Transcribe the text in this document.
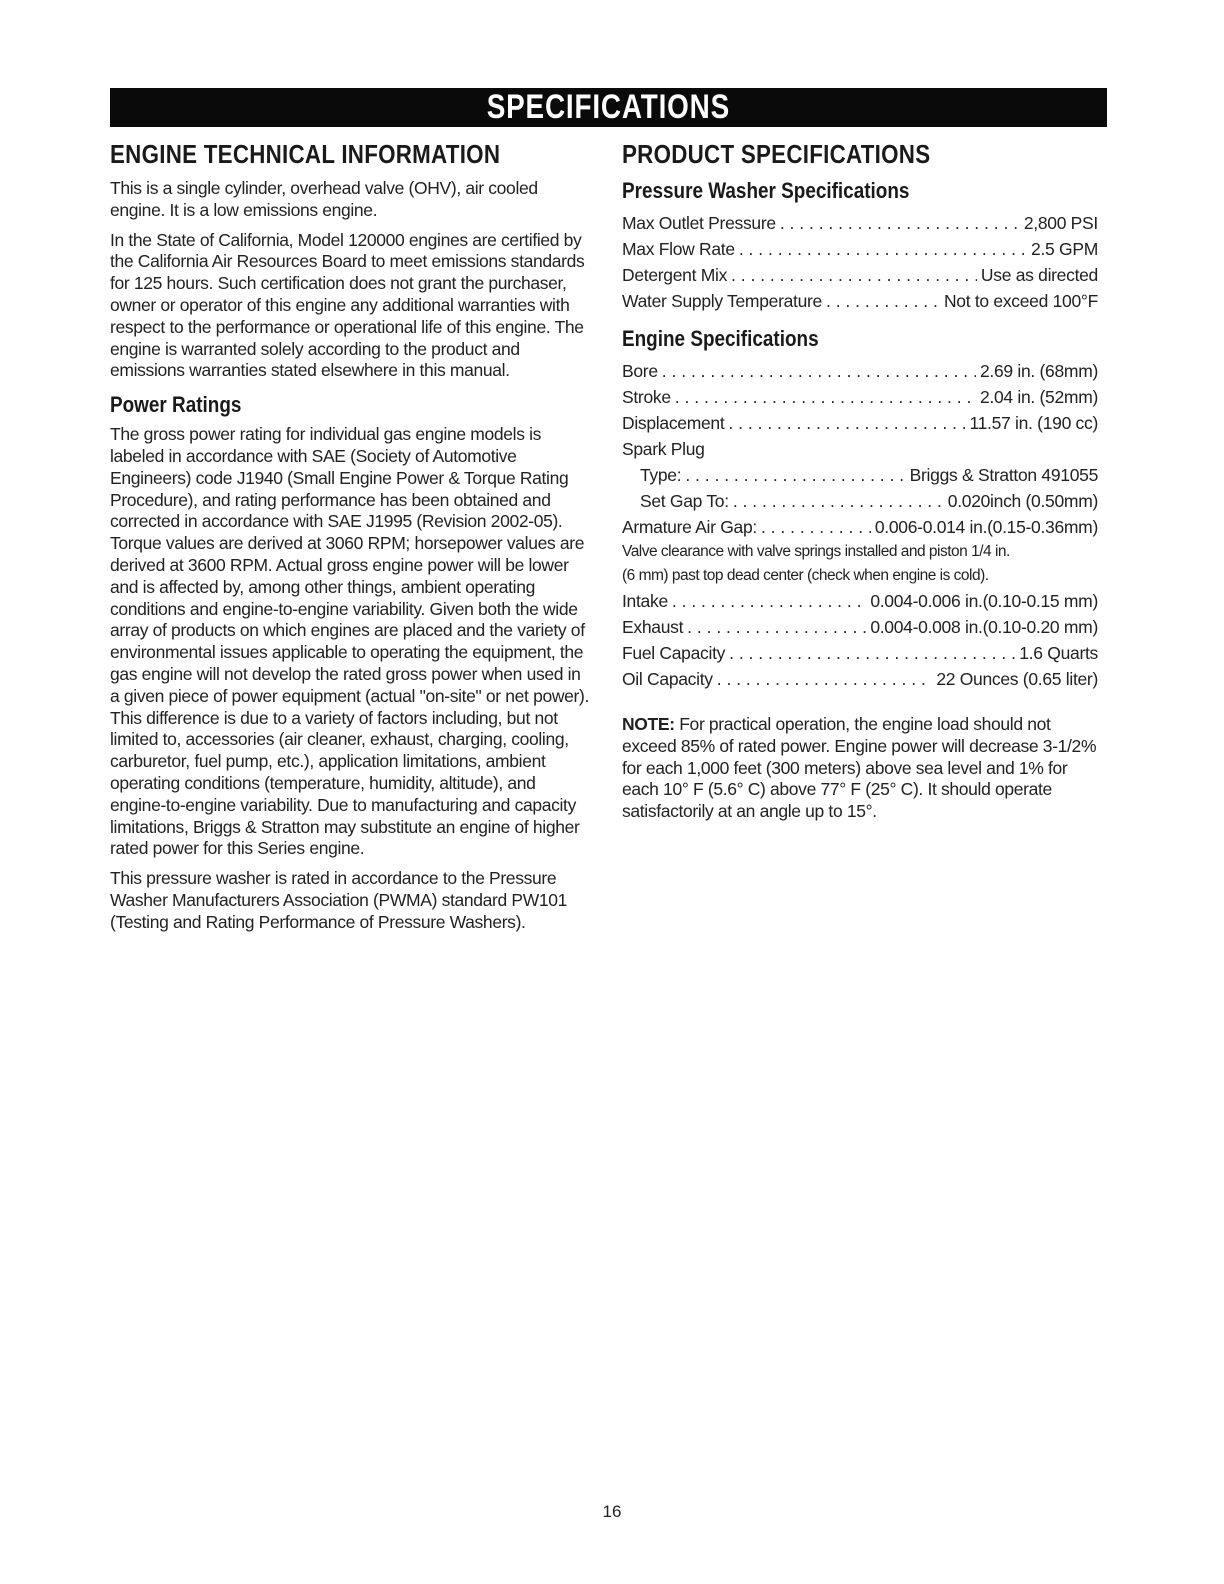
SPECIFICATIONS
ENGINE TECHNICAL INFORMATION

This is a single cylinder, overhead valve (OHV), air cooled engine. It is a low emissions engine.

In the State of California, Model 120000 engines are certified by the California Air Resources Board to meet emissions standards for 125 hours. Such certification does not grant the purchaser, owner or operator of this engine any additional warranties with respect to the performance or operational life of this engine. The engine is warranted solely according to the product and emissions warranties stated elsewhere in this manual.

Power Ratings

The gross power rating for individual gas engine models is labeled in accordance with SAE (Society of Automotive Engineers) code J1940 (Small Engine Power & Torque Rating Procedure), and rating performance has been obtained and corrected in accordance with SAE J1995 (Revision 2002-05). Torque values are derived at 3060 RPM; horsepower values are derived at 3600 RPM. Actual gross engine power will be lower and is affected by, among other things, ambient operating conditions and engine-to-engine variability. Given both the wide array of products on which engines are placed and the variety of environmental issues applicable to operating the equipment, the gas engine will not develop the rated gross power when used in a given piece of power equipment (actual "on-site" or net power). This difference is due to a variety of factors including, but not limited to, accessories (air cleaner, exhaust, charging, cooling, carburetor, fuel pump, etc.), application limitations, ambient operating conditions (temperature, humidity, altitude), and engine-to-engine variability. Due to manufacturing and capacity limitations, Briggs & Stratton may substitute an engine of higher rated power for this Series engine.

This pressure washer is rated in accordance to the Pressure Washer Manufacturers Association (PWMA) standard PW101 (Testing and Rating Performance of Pressure Washers).

PRODUCT SPECIFICATIONS
Pressure Washer Specifications
Max Outlet Pressure . . .	2,800 PSI
Max Flow Rate . . .	2.5 GPM
Detergent Mix . . .	Use as directed
Water Supply Temperature . . .	Not to exceed 100°F
Engine Specifications
Bore . . .	2.69 in. (68mm)
Stroke . . .	2.04 in. (52mm)
Displacement . . .	11.57 in. (190 cc)
Spark Plug
Type: . . .	Briggs & Stratton 491055
Set Gap To: . . .	0.020inch (0.50mm)
Armature Air Gap: . . .	0.006-0.014 in.(0.15-0.36mm)
Valve clearance with valve springs installed and piston 1/4 in.
(6 mm) past top dead center (check when engine is cold).
Intake . . .	0.004-0.006 in.(0.10-0.15 mm)
Exhaust . . .	0.004-0.008 in.(0.10-0.20 mm)
Fuel Capacity . . .	1.6 Quarts
Oil Capacity . . .	22 Ounces (0.65 liter)

NOTE: For practical operation, the engine load should not exceed 85% of rated power. Engine power will decrease 3-1/2% for each 1,000 feet (300 meters) above sea level and 1% for each 10° F (5.6° C) above 77° F (25° C). It should operate satisfactorily at an angle up to 15°.

16
